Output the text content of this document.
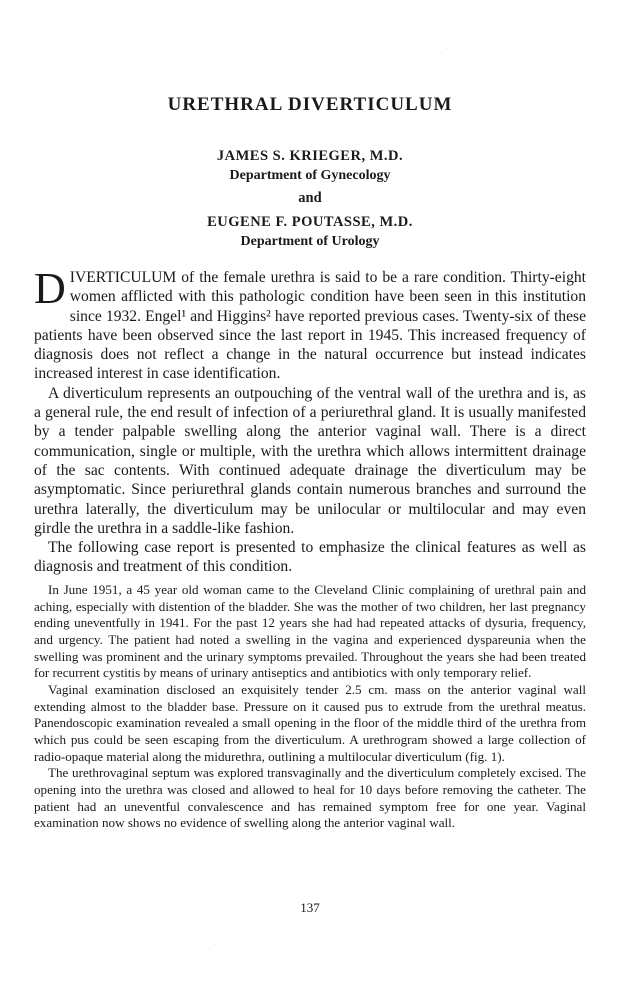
·
·
URETHRAL DIVERTICULUM
JAMES S. KRIEGER, M.D.
Department of Gynecology
and
EUGENE F. POUTASSE, M.D.
Department of Urology

DIVERTICULUM of the female urethra is said to be a rare condition. Thirty-eight women afflicted with this pathologic condition have been seen in this institution since 1932. Engel¹ and Higgins² have reported previous cases. Twenty-six of these patients have been observed since the last report in 1945. This increased frequency of diagnosis does not reflect a change in the natural occurrence but instead indicates increased interest in case identification.

A diverticulum represents an outpouching of the ventral wall of the urethra and is, as a general rule, the end result of infection of a periurethral gland. It is usually manifested by a tender palpable swelling along the anterior vaginal wall. There is a direct communication, single or multiple, with the urethra which allows intermittent drainage of the sac contents. With continued adequate drainage the diverticulum may be asymptomatic. Since periurethral glands contain numerous branches and surround the urethra laterally, the diverticulum may be unilocular or multilocular and may even girdle the urethra in a saddle-like fashion.

The following case report is presented to emphasize the clinical features as well as diagnosis and treatment of this condition.

In June 1951, a 45 year old woman came to the Cleveland Clinic complaining of urethral pain and aching, especially with distention of the bladder. She was the mother of two children, her last pregnancy ending uneventfully in 1941. For the past 12 years she had had repeated attacks of dysuria, frequency, and urgency. The patient had noted a swelling in the vagina and experienced dyspareunia when the swelling was prominent and the urinary symptoms prevailed. Throughout the years she had been treated for recurrent cystitis by means of urinary antiseptics and antibiotics with only temporary relief.

Vaginal examination disclosed an exquisitely tender 2.5 cm. mass on the anterior vaginal wall extending almost to the bladder base. Pressure on it caused pus to extrude from the urethral meatus. Panendoscopic examination revealed a small opening in the floor of the middle third of the urethra from which pus could be seen escaping from the diverticulum. A urethrogram showed a large collection of radio-opaque material along the midurethra, outlining a multilocular diverticulum (fig. 1).

The urethrovaginal septum was explored transvaginally and the diverticulum completely excised. The opening into the urethra was closed and allowed to heal for 10 days before removing the catheter. The patient had an uneventful convalescence and has remained symptom free for one year. Vaginal examination now shows no evidence of swelling along the anterior vaginal wall.

137
